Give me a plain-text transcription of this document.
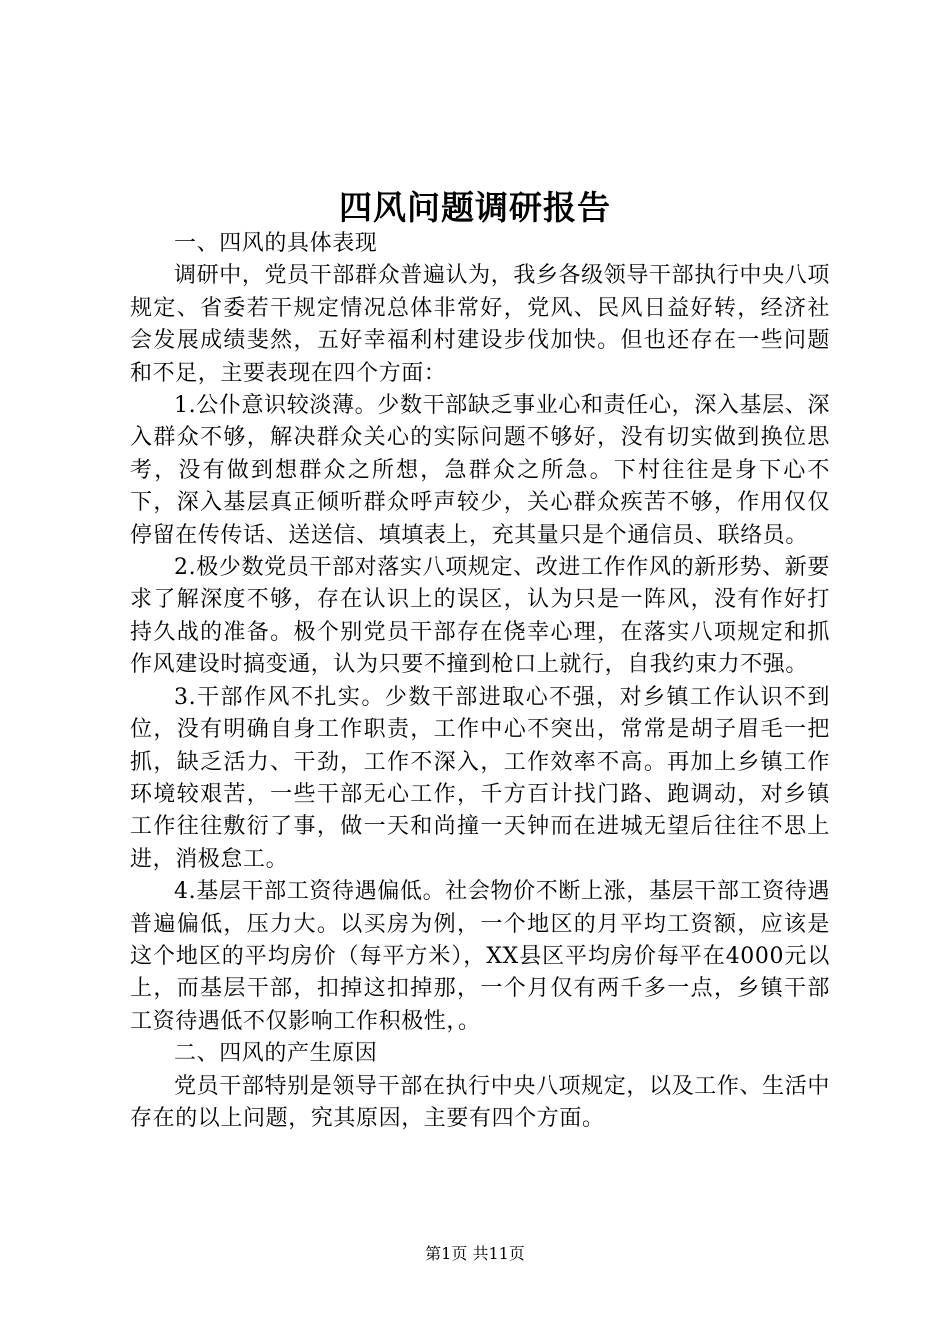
四风问题调研报告

一、四风的具体表现

调研中，党员干部群众普遍认为，我乡各级领导干部执行中央八项规定、省委若干规定情况总体非常好，党风、民风日益好转，经济社会发展成绩斐然，五好幸福利村建设步伐加快。但也还存在一些问题和不足，主要表现在四个方面：

1.公仆意识较淡薄。少数干部缺乏事业心和责任心，深入基层、深入群众不够，解决群众关心的实际问题不够好，没有切实做到换位思考，没有做到想群众之所想，急群众之所急。下村往往是身下心不下，深入基层真正倾听群众呼声较少，关心群众疾苦不够，作用仅仅停留在传传话、送送信、填填表上，充其量只是个通信员、联络员。

2.极少数党员干部对落实八项规定、改进工作作风的新形势、新要求了解深度不够，存在认识上的误区，认为只是一阵风，没有作好打持久战的准备。极个别党员干部存在侥幸心理，在落实八项规定和抓作风建设时搞变通，认为只要不撞到枪口上就行，自我约束力不强。

3.干部作风不扎实。少数干部进取心不强，对乡镇工作认识不到位，没有明确自身工作职责，工作中心不突出，常常是胡子眉毛一把抓，缺乏活力、干劲，工作不深入，工作效率不高。再加上乡镇工作环境较艰苦，一些干部无心工作，千方百计找门路、跑调动，对乡镇工作往往敷衍了事，做一天和尚撞一天钟而在进城无望后往往不思上进，消极怠工。

4.基层干部工资待遇偏低。社会物价不断上涨，基层干部工资待遇普遍偏低，压力大。以买房为例，一个地区的月平均工资额，应该是这个地区的平均房价（每平方米），XX县区平均房价每平在4000元以上，而基层干部，扣掉这扣掉那，一个月仅有两千多一点，乡镇干部工资待遇低不仅影响工作积极性，。

二、四风的产生原因

党员干部特别是领导干部在执行中央八项规定，以及工作、生活中存在的以上问题，究其原因，主要有四个方面。

第1页 共11页
